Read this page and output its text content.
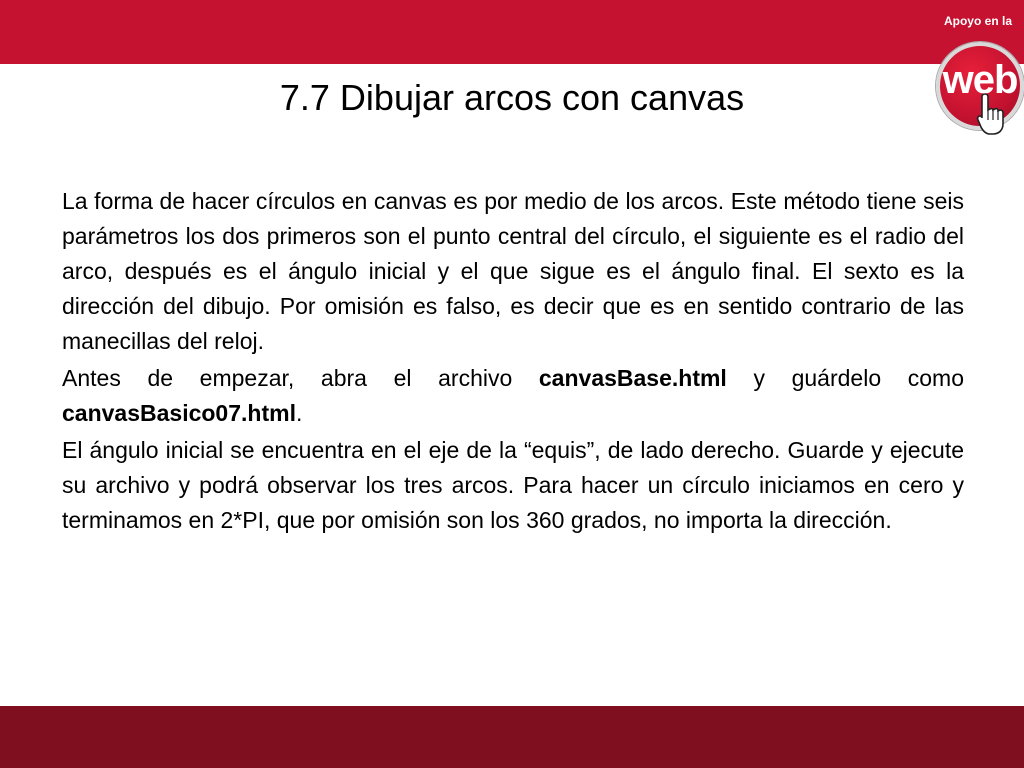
Apoyo en la
web
7.7 Dibujar arcos con canvas

La forma de hacer círculos en canvas es por medio de los arcos. Este método tiene seis parámetros los dos primeros son el punto central del círculo, el siguiente es el radio del arco, después es el ángulo inicial y el que sigue es el ángulo final. El sexto es la dirección del dibujo. Por omisión es falso, es decir que es en sentido contrario de las manecillas del reloj.

Antes de empezar, abra el archivo canvasBase.html y guárdelo como canvasBasico07.html.

El ángulo inicial se encuentra en el eje de la “equis”, de lado derecho. Guarde y ejecute su archivo y podrá observar los tres arcos. Para hacer un círculo iniciamos en cero y terminamos en 2*PI, que por omisión son los 360 grados, no importa la dirección.
